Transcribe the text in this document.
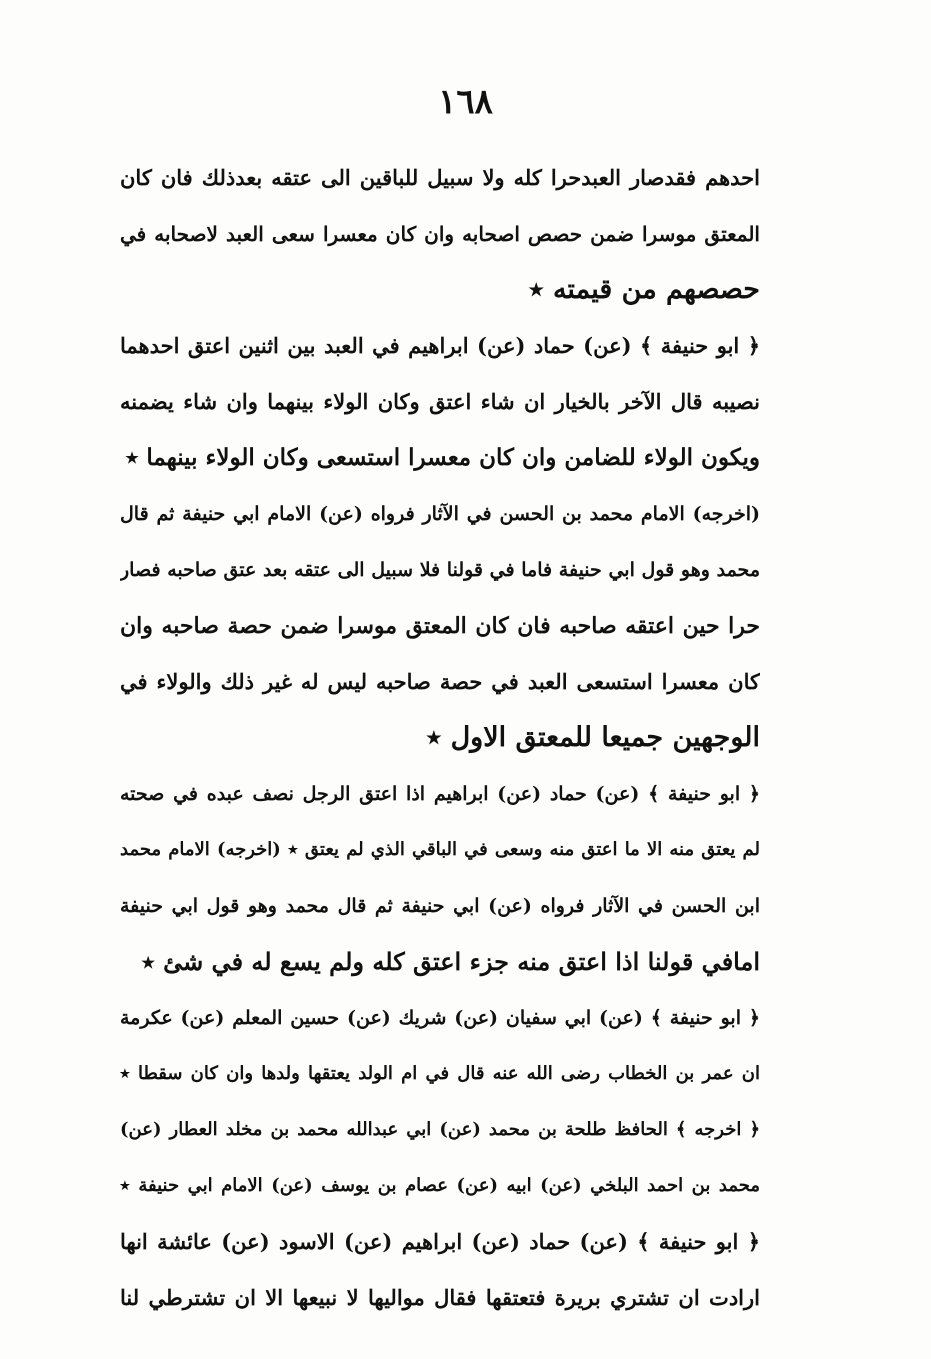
١٦٨
احدهم فقدصار العبدحرا كله ولا سبيل للباقين الى عتقه بعدذلك فان كان
المعتق موسرا ضمن حصص اصحابه وان كان معسرا سعى العبد لاصحابه في
حصصهم من قيمته ٭
﴿ ابو حنيفة ﴾ (عن) حماد (عن) ابراهيم في العبد بين اثنين اعتق احدهما
نصيبه قال الآخر بالخيار ان شاء اعتق وكان الولاء بينهما وان شاء يضمنه
ويكون الولاء للضامن وان كان معسرا استسعى وكان الولاء بينهما ٭
(اخرجه) الامام محمد بن الحسن في الآثار فرواه (عن) الامام ابي حنيفة ثم قال
محمد وهو قول ابي حنيفة فاما في قولنا فلا سبيل الى عتقه بعد عتق صاحبه فصار
حرا حين اعتقه صاحبه فان كان المعتق موسرا ضمن حصة صاحبه وان
كان معسرا استسعى العبد في حصة صاحبه ليس له غير ذلك والولاء في
الوجهين جميعا للمعتق الاول ٭
﴿ ابو حنيفة ﴾ (عن) حماد (عن) ابراهيم اذا اعتق الرجل نصف عبده في صحته
لم يعتق منه الا ما اعتق منه وسعى في الباقي الذي لم يعتق ٭ (اخرجه) الامام محمد
ابن الحسن في الآثار فرواه (عن) ابي حنيفة ثم قال محمد وهو قول ابي حنيفة
امافي قولنا اذا اعتق منه جزء اعتق كله ولم يسع له في شئ ٭
﴿ ابو حنيفة ﴾ (عن) ابي سفيان (عن) شريك (عن) حسين المعلم (عن) عكرمة
ان عمر بن الخطاب رضى الله عنه قال في ام الولد يعتقها ولدها وان كان سقطا ٭
﴿ اخرجه ﴾ الحافظ طلحة بن محمد (عن) ابي عبدالله محمد بن مخلد العطار (عن)
محمد بن احمد البلخي (عن) ابيه (عن) عصام بن يوسف (عن) الامام ابي حنيفة ٭
﴿ ابو حنيفة ﴾ (عن) حماد (عن) ابراهيم (عن) الاسود (عن) عائشة انها
ارادت ان تشتري بريرة فتعتقها فقال مواليها لا نبيعها الا ان تشترطي لنا
